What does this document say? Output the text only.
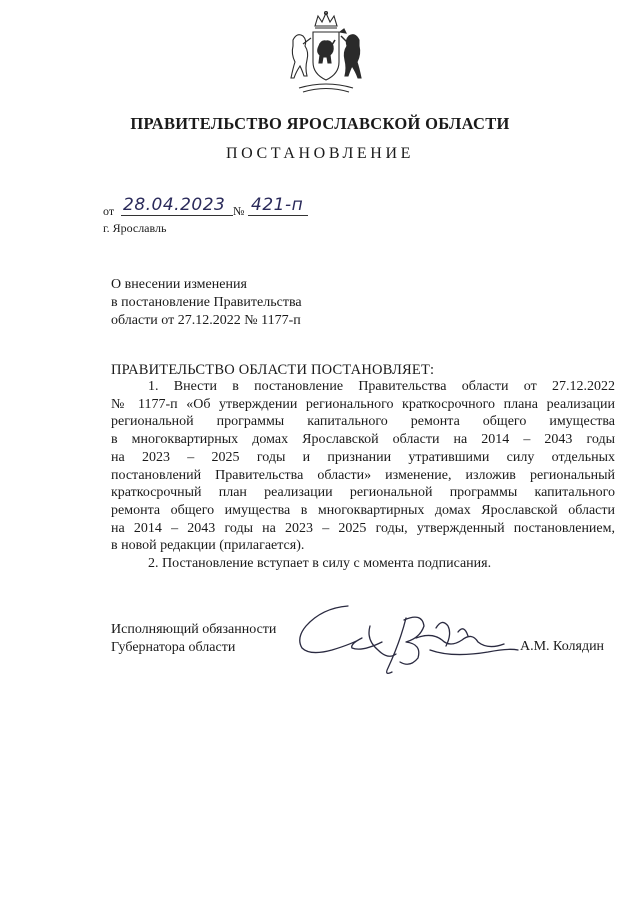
ПРАВИТЕЛЬСТВО ЯРОСЛАВСКОЙ ОБЛАСТИ
ПОСТАНОВЛЕНИЕ
от 28.04.2023 № 421-п
г. Ярославль
О внесении изменения
в постановление Правительства
области от 27.12.2022 № 1177-п
ПРАВИТЕЛЬСТВО ОБЛАСТИ ПОСТАНОВЛЯЕТ:
1. Внести в постановление Правительства области от 27.12.2022
№ 1177-п «Об утверждении регионального краткосрочного плана реализации
региональной программы капитального ремонта общего имущества
в многоквартирных домах Ярославской области на 2014 – 2043 годы
на 2023 – 2025 годы и признании утратившими силу отдельных
постановлений Правительства области» изменение, изложив региональный
краткосрочный план реализации региональной программы капитального
ремонта общего имущества в многоквартирных домах Ярославской области
на 2014 – 2043 годы на 2023 – 2025 годы, утвержденный постановлением,
в новой редакции (прилагается).
2. Постановление вступает в силу с момента подписания.
Исполняющий обязанности
Губернатора области	А.М. Колядин
